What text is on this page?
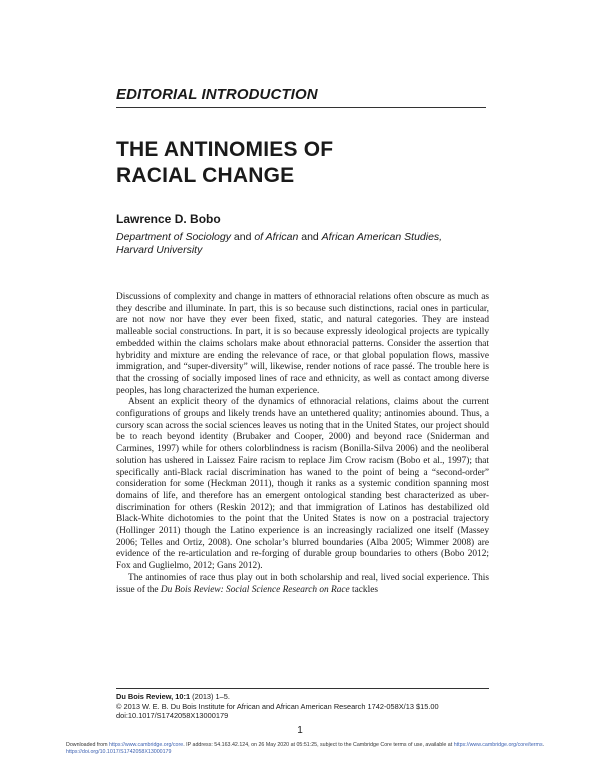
EDITORIAL INTRODUCTION
THE ANTINOMIES OF
RACIAL CHANGE
Lawrence D. Bobo
Department of Sociology and of African and African American Studies,
Harvard University

Discussions of complexity and change in matters of ethnoracial relations often obscure as much as they describe and illuminate. In part, this is so because such distinctions, racial ones in particular, are not now nor have they ever been fixed, static, and natural categories. They are instead malleable social constructions. In part, it is so because expressly ideological projects are typically embedded within the claims scholars make about ethnoracial patterns. Consider the assertion that hybridity and mixture are ending the relevance of race, or that global population flows, massive immigration, and “super-diversity” will, likewise, render notions of race passé. The trouble here is that the crossing of socially imposed lines of race and ethnicity, as well as contact among diverse peoples, has long characterized the human experience.

Absent an explicit theory of the dynamics of ethnoracial relations, claims about the current configurations of groups and likely trends have an untethered quality; antinomies abound. Thus, a cursory scan across the social sciences leaves us noting that in the United States, our project should be to reach beyond identity (Brubaker and Cooper, 2000) and beyond race (Sniderman and Carmines, 1997) while for others colorblindness is racism (Bonilla-Silva 2006) and the neoliberal solution has ushered in Laissez Faire racism to replace Jim Crow racism (Bobo et al., 1997); that specifically anti-Black racial discrimination has waned to the point of being a “second-order” consideration for some (Heckman 2011), though it ranks as a systemic condition spanning most domains of life, and therefore has an emergent ontological standing best characterized as uber-discrimination for others (Reskin 2012); and that immigration of Latinos has destabilized old Black-White dichotomies to the point that the United States is now on a postracial trajectory (Hollinger 2011) though the Latino experience is an increasingly racialized one itself (Massey 2006; Telles and Ortiz, 2008). One scholar’s blurred boundaries (Alba 2005; Wimmer 2008) are evidence of the re-articulation and re-forging of durable group boundaries to others (Bobo 2012; Fox and Guglielmo, 2012; Gans 2012).

The antinomies of race thus play out in both scholarship and real, lived social experience. This issue of the Du Bois Review: Social Science Research on Race tackles

Du Bois Review, 10:1 (2013) 1–5.
© 2013 W. E. B. Du Bois Institute for African and African American Research 1742-058X/13 $15.00
doi:10.1017/S1742058X13000179
1
Downloaded from https://www.cambridge.org/core. IP address: 54.163.42.124, on 26 May 2020 at 05:51:25, subject to the Cambridge Core terms of use, available at https://www.cambridge.org/core/terms. https://doi.org/10.1017/S1742058X13000179
